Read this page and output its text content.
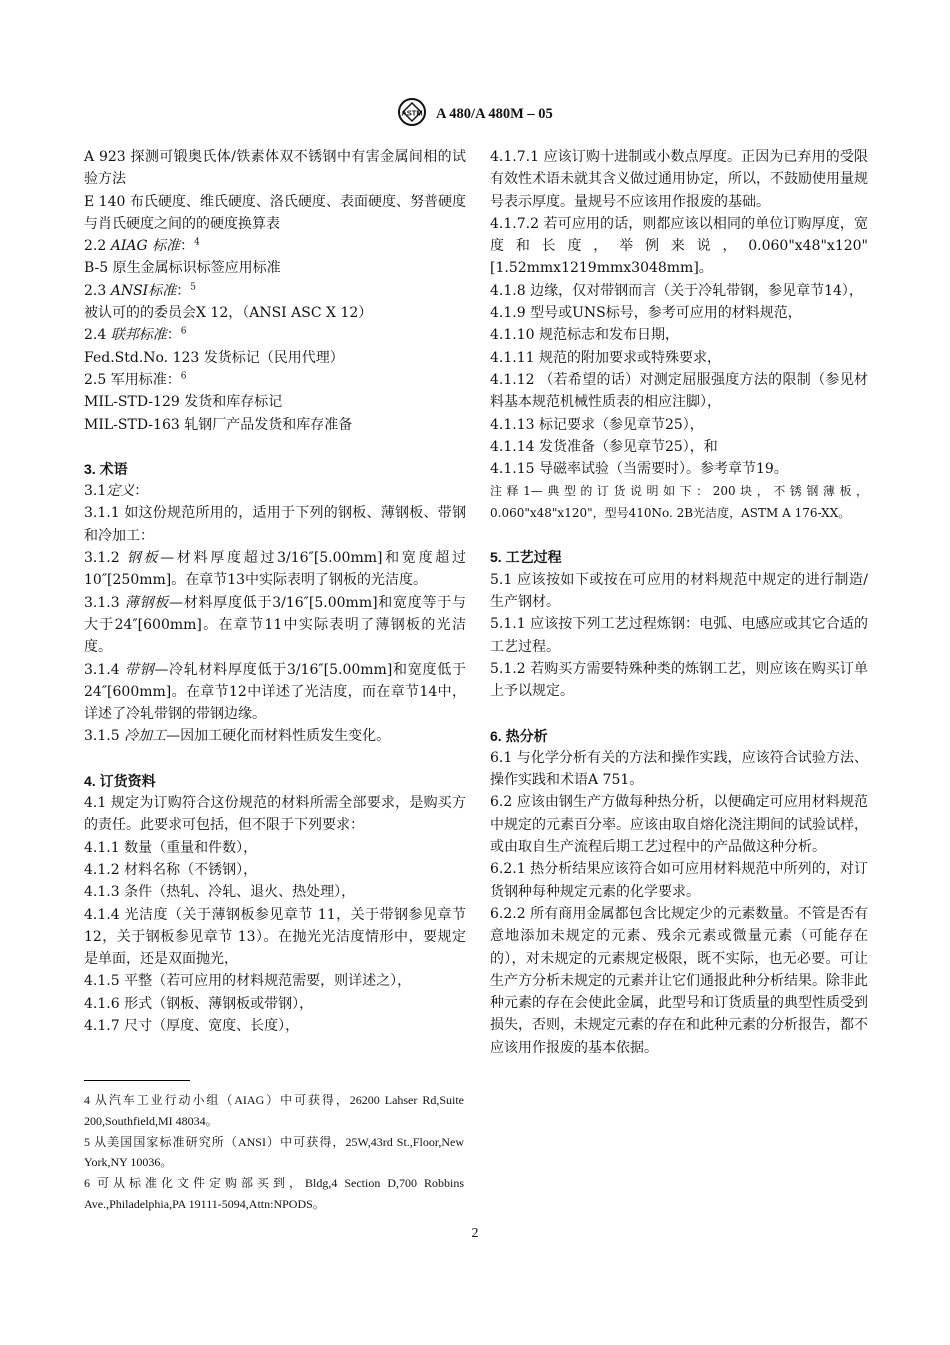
ASTM A 480/A 480M – 05

A 923 探测可锻奥氏体/铁素体双不锈钢中有害金属间相的试验方法

E 140 布氏硬度、维氏硬度、洛氏硬度、表面硬度、努普硬度与肖氏硬度之间的的硬度换算表

2.2 AIAG 标准：$^4$

B-5 原生金属标识标签应用标准

2.3 ANSI标准：$^5$

被认可的的委员会X 12，（ANSI ASC X 12）

2.4 联邦标准：$^6$

Fed.Std.No. 123 发货标记（民用代理）

2.5 军用标准：$^6$

MIL-STD-129 发货和库存标记

MIL-STD-163 轧钢厂产品发货和库存准备

3. 术语

3.1定义：

3.1.1 如这份规范所用的，适用于下列的钢板、薄钢板、带钢和冷加工：

3.1.2 钢板—材料厚度超过3/16″[5.00mm]和宽度超过10″[250mm]。在章节13中实际表明了钢板的光洁度。

3.1.3 薄钢板—材料厚度低于3/16″[5.00mm]和宽度等于与大于24″[600mm]。在章节11中实际表明了薄钢板的光洁度。

3.1.4 带钢—冷轧材料厚度低于3/16″[5.00mm]和宽度低于24″[600mm]。在章节12中详述了光洁度，而在章节14中，详述了冷轧带钢的带钢边缘。

3.1.5 冷加工—因加工硬化而材料性质发生变化。

4. 订货资料

4.1 规定为订购符合这份规范的材料所需全部要求，是购买方的责任。此要求可包括，但不限于下列要求：

4.1.1 数量（重量和件数），

4.1.2 材料名称（不锈钢），

4.1.3 条件（热轧、冷轧、退火、热处理），

4.1.4 光洁度（关于薄钢板参见章节 11，关于带钢参见章节 12，关于钢板参见章节 13）。在抛光光洁度情形中，要规定是单面，还是双面抛光，

4.1.5 平整（若可应用的材料规范需要，则详述之），

4.1.6 形式（钢板、薄钢板或带钢），

4.1.7 尺寸（厚度、宽度、长度），

4.1.7.1 应该订购十进制或小数点厚度。正因为已弃用的受限有效性术语未就其含义做过通用协定，所以，不鼓励使用量规号表示厚度。量规号不应该用作报废的基础。

4.1.7.2 若可应用的话，则都应该以相同的单位订购厚度，宽度和长度，举例来说，0.060"x48"x120" [1.52mmx1219mmx3048mm]。

4.1.8 边缘，仅对带钢而言（关于冷轧带钢，参见章节14），

4.1.9 型号或UNS标号，参考可应用的材料规范，

4.1.10 规范标志和发布日期，

4.1.11 规范的附加要求或特殊要求，

4.1.12 （若希望的话）对测定屈服强度方法的限制（参见材料基本规范机械性质表的相应注脚），

4.1.13 标记要求（参见章节25），

4.1.14 发货准备（参见章节25），和

4.1.15 导磁率试验（当需要时）。参考章节19。

注释1—典型的订货说明如下：200块，不锈钢薄板，0.060"x48"x120"，型号410No. 2B光洁度，ASTM A 176-XX。

5. 工艺过程

5.1 应该按如下或按在可应用的材料规范中规定的进行制造/生产钢材。

5.1.1 应该按下列工艺过程炼钢：电弧、电感应或其它合适的工艺过程。

5.1.2 若购买方需要特殊种类的炼钢工艺，则应该在购买订单上予以规定。

6. 热分析

6.1 与化学分析有关的方法和操作实践，应该符合试验方法、操作实践和术语A 751。

6.2 应该由钢生产方做每种热分析，以便确定可应用材料规范中规定的元素百分率。应该由取自熔化浇注期间的试验试样，或由取自生产流程后期工艺过程中的产品做这种分析。

6.2.1 热分析结果应该符合如可应用材料规范中所列的，对订货钢种每种规定元素的化学要求。

6.2.2 所有商用金属都包含比规定少的元素数量。不管是否有意地添加未规定的元素、残余元素或微量元素（可能存在的），对未规定的元素规定极限，既不实际，也无必要。可让生产方分析未规定的元素并让它们通报此种分析结果。除非此种元素的存在会使此金属，此型号和订货质量的典型性质受到损失，否则，未规定元素的存在和此种元素的分析报告，都不应该用作报废的基本依据。

4 从汽车工业行动小组（AIAG）中可获得，26200 Lahser Rd,Suite 200,Southfield,MI 48034。

5 从美国国家标准研究所（ANSI）中可获得，25W,43rd St.,Floor,New York,NY 10036。

6 可从标准化文件定购部买到，Bldg,4 Section D,700 Robbins Ave.,Philadelphia,PA 19111-5094,Attn:NPODS。

2
